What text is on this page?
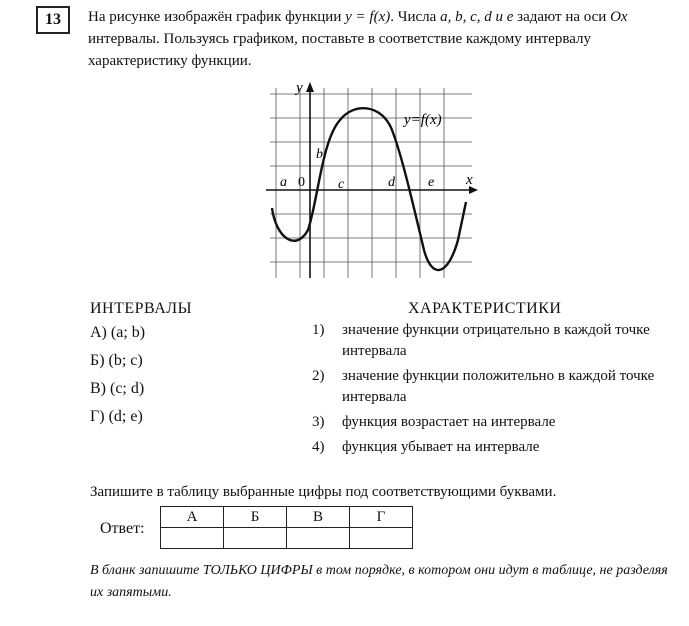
13	На рисунке изображён график функции y = f(x). Числа a, b, c, d и e задают на оси Ox интервалы. Пользуясь графиком, поставьте в соответствие каждому интервалу характеристику функции.
y
x
0
a
b
c	d e
y=f(x)
ИНТЕРВАЛЫ	ХАРАКТЕРИСТИКИ
А) (a; b)
Б) (b; c)
В) (c; d)
Г) (d; e)
1)	значение функции отрицательно в каждой точке интервала
2)	значение функции положительно в каждой точке интервала
3)	функция возрастает на интервале
4)	функция убывает на интервале
Запишите в таблицу выбранные цифры под соответствующими буквами.
Ответ:
А	Б	В	Г

В бланк запишите ТОЛЬКО ЦИФРЫ в том порядке, в котором они идут в таблице, не разделяя их запятыми.
